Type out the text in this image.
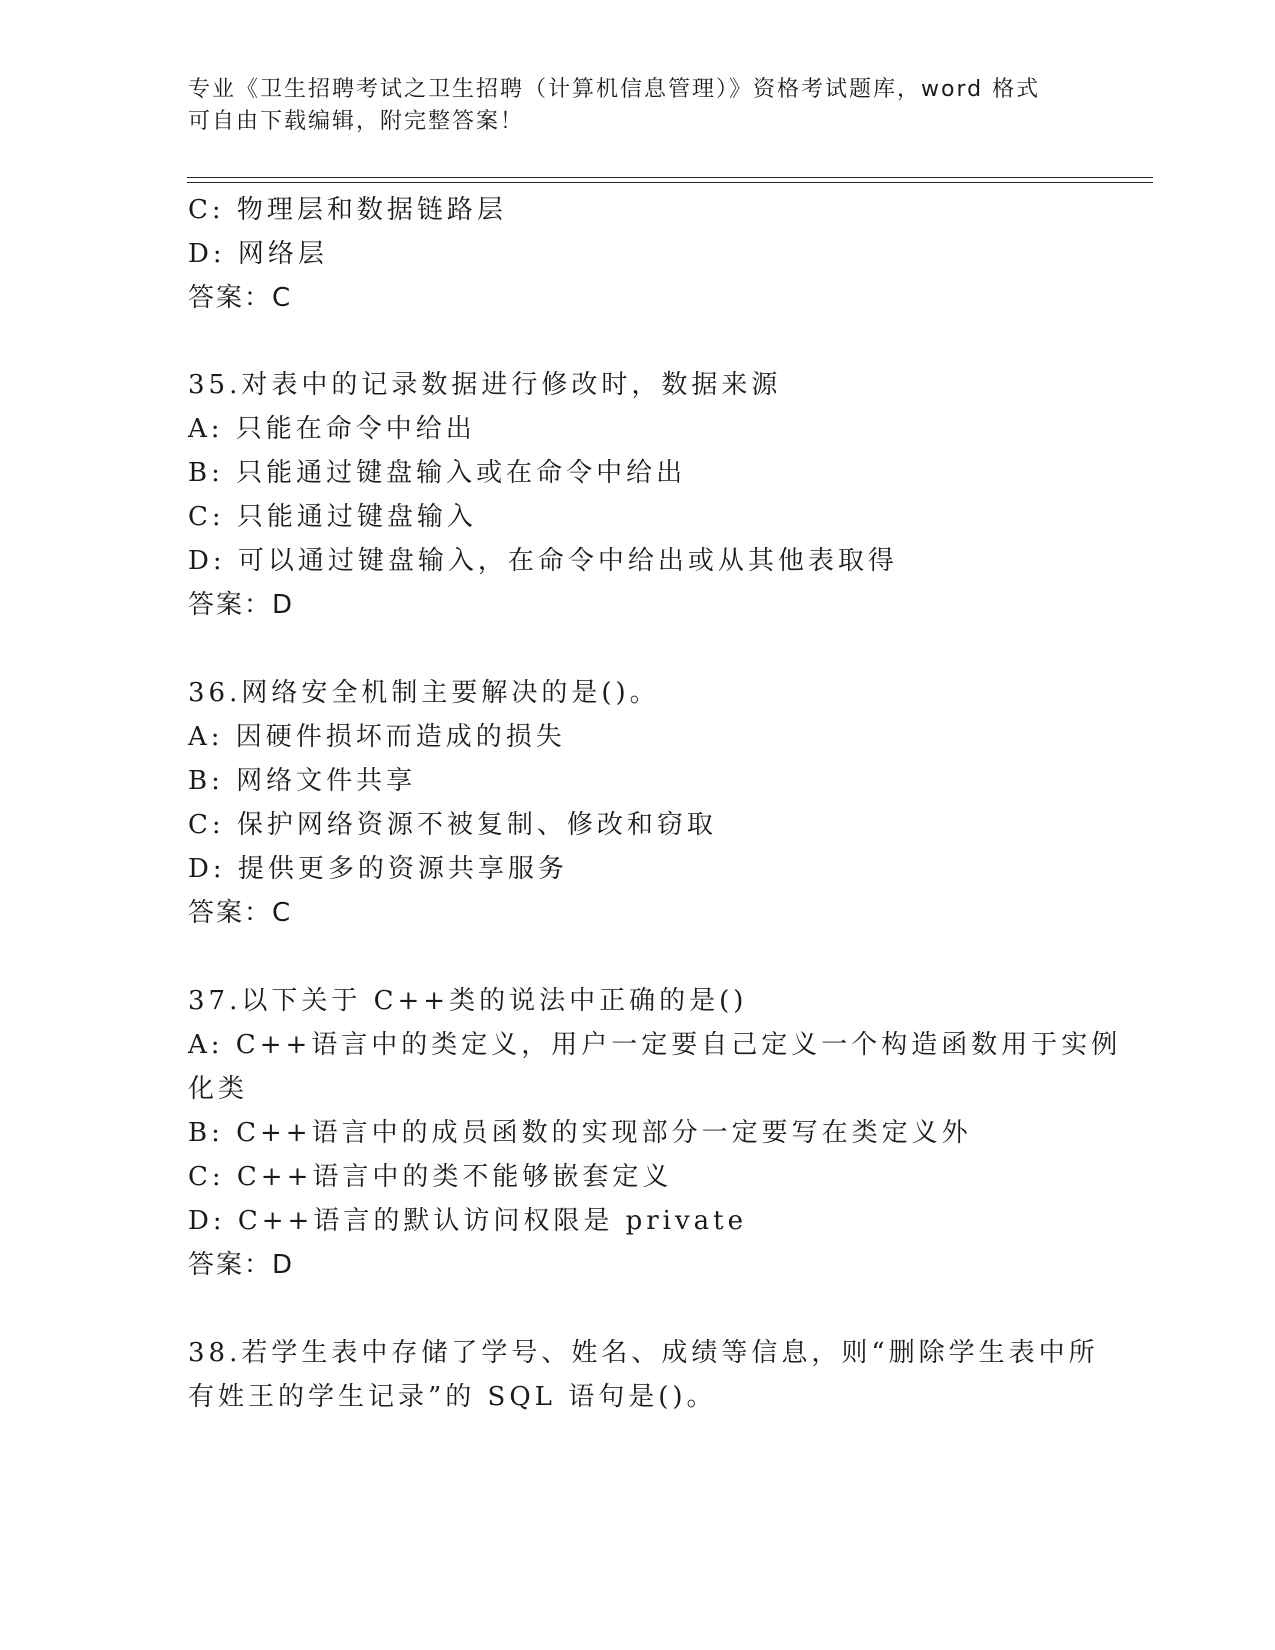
专业《卫生招聘考试之卫生招聘（计算机信息管理）》资格考试题库，word 格式
可自由下载编辑，附完整答案！
C: 物理层和数据链路层
D: 网络层
答案：C
35.对表中的记录数据进行修改时，数据来源
A: 只能在命令中给出
B: 只能通过键盘输入或在命令中给出
C: 只能通过键盘输入
D: 可以通过键盘输入，在命令中给出或从其他表取得
答案：D
36.网络安全机制主要解决的是()。
A: 因硬件损坏而造成的损失
B: 网络文件共享
C: 保护网络资源不被复制、修改和窃取
D: 提供更多的资源共享服务
答案：C
37.以下关于 C++类的说法中正确的是()
A: C++语言中的类定义，用户一定要自己定义一个构造函数用于实例
化类
B: C++语言中的成员函数的实现部分一定要写在类定义外
C: C++语言中的类不能够嵌套定义
D: C++语言的默认访问权限是 private
答案：D
38.若学生表中存储了学号、姓名、成绩等信息，则“删除学生表中所
有姓王的学生记录”的 SQL 语句是()。
